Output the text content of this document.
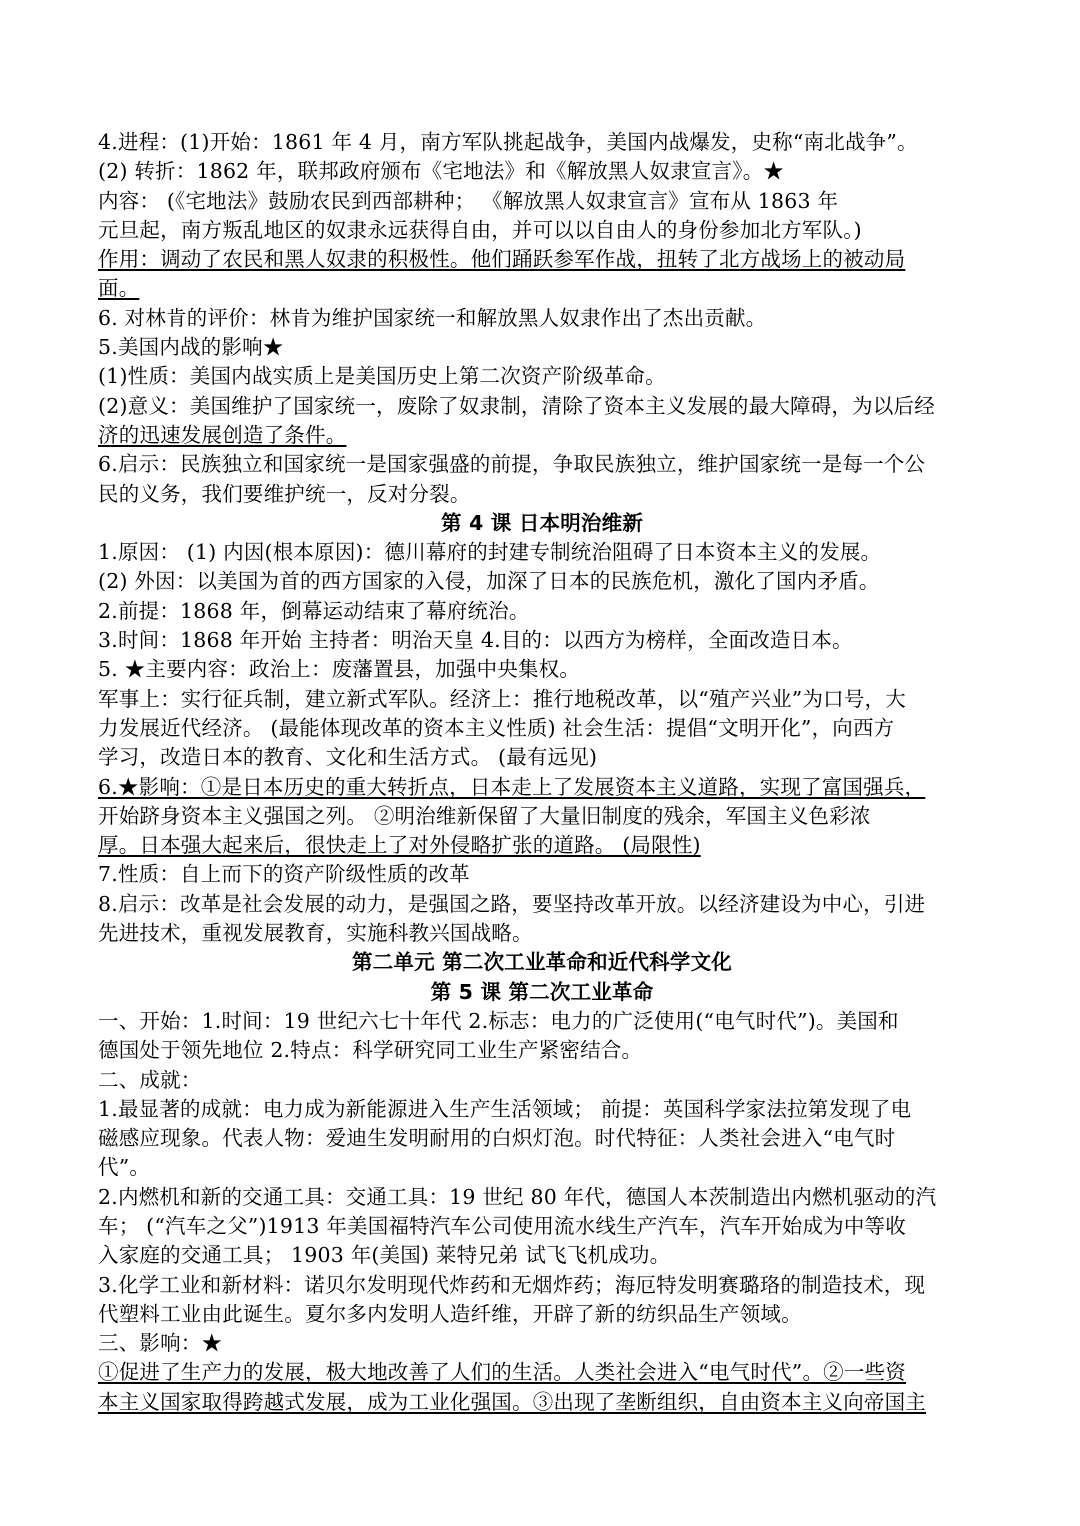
4.进程：(1)开始：1861 年 4 月，南方军队挑起战争，美国内战爆发，史称“南北战争”。
(2) 转折：1862 年，联邦政府颁布《宅地法》和《解放黑人奴隶宣言》。★
内容： (《宅地法》鼓励农民到西部耕种； 《解放黑人奴隶宣言》宣布从 1863 年
元旦起，南方叛乱地区的奴隶永远获得自由，并可以以自由人的身份参加北方军队。)
作用：调动了农民和黑人奴隶的积极性。他们踊跃参军作战，扭转了北方战场上的被动局
面。
6. 对林肯的评价：林肯为维护国家统一和解放黑人奴隶作出了杰出贡献。
5.美国内战的影响★
(1)性质：美国内战实质上是美国历史上第二次资产阶级革命。
(2)意义：美国维护了国家统一，废除了奴隶制，清除了资本主义发展的最大障碍，为以后经
济的迅速发展创造了条件。
6.启示：民族独立和国家统一是国家强盛的前提，争取民族独立，维护国家统一是每一个公
民的义务，我们要维护统一，反对分裂。
第 4 课 日本明治维新
1.原因： (1) 内因(根本原因)：德川幕府的封建专制统治阻碍了日本资本主义的发展。
(2) 外因：以美国为首的西方国家的入侵，加深了日本的民族危机，激化了国内矛盾。
2.前提：1868 年，倒幕运动结束了幕府统治。
3.时间：1868 年开始 主持者：明治天皇 4.目的：以西方为榜样，全面改造日本。
5. ★主要内容：政治上：废藩置县，加强中央集权。
军事上：实行征兵制，建立新式军队。经济上：推行地税改革，以“殖产兴业”为口号，大
力发展近代经济。 (最能体现改革的资本主义性质) 社会生活：提倡“文明开化”，向西方
学习，改造日本的教育、文化和生活方式。 (最有远见)
6.★影响：①是日本历史的重大转折点，日本走上了发展资本主义道路，实现了富国强兵，
开始跻身资本主义强国之列。 ②明治维新保留了大量旧制度的残余，军国主义色彩浓
厚。日本强大起来后，很快走上了对外侵略扩张的道路。 (局限性)
7.性质：自上而下的资产阶级性质的改革
8.启示：改革是社会发展的动力，是强国之路，要坚持改革开放。以经济建设为中心，引进
先进技术，重视发展教育，实施科教兴国战略。
第二单元 第二次工业革命和近代科学文化
第 5 课 第二次工业革命
一、开始：1.时间：19 世纪六七十年代 2.标志：电力的广泛使用(“电气时代”)。美国和
德国处于领先地位 2.特点：科学研究同工业生产紧密结合。
二、成就：
1.最显著的成就：电力成为新能源进入生产生活领域； 前提：英国科学家法拉第发现了电
磁感应现象。代表人物：爱迪生发明耐用的白炽灯泡。时代特征：人类社会进入“电气时
代”。
2.内燃机和新的交通工具：交通工具：19 世纪 80 年代，德国人本茨制造出内燃机驱动的汽
车； (“汽车之父”)1913 年美国福特汽车公司使用流水线生产汽车，汽车开始成为中等收
入家庭的交通工具； 1903 年(美国) 莱特兄弟 试飞飞机成功。
3.化学工业和新材料：诺贝尔发明现代炸药和无烟炸药；海厄特发明赛璐珞的制造技术，现
代塑料工业由此诞生。夏尔多内发明人造纤维，开辟了新的纺织品生产领域。
三、影响：★
①促进了生产力的发展，极大地改善了人们的生活。人类社会进入“电气时代”。②一些资
本主义国家取得跨越式发展，成为工业化强国。③出现了垄断组织，自由资本主义向帝国主
